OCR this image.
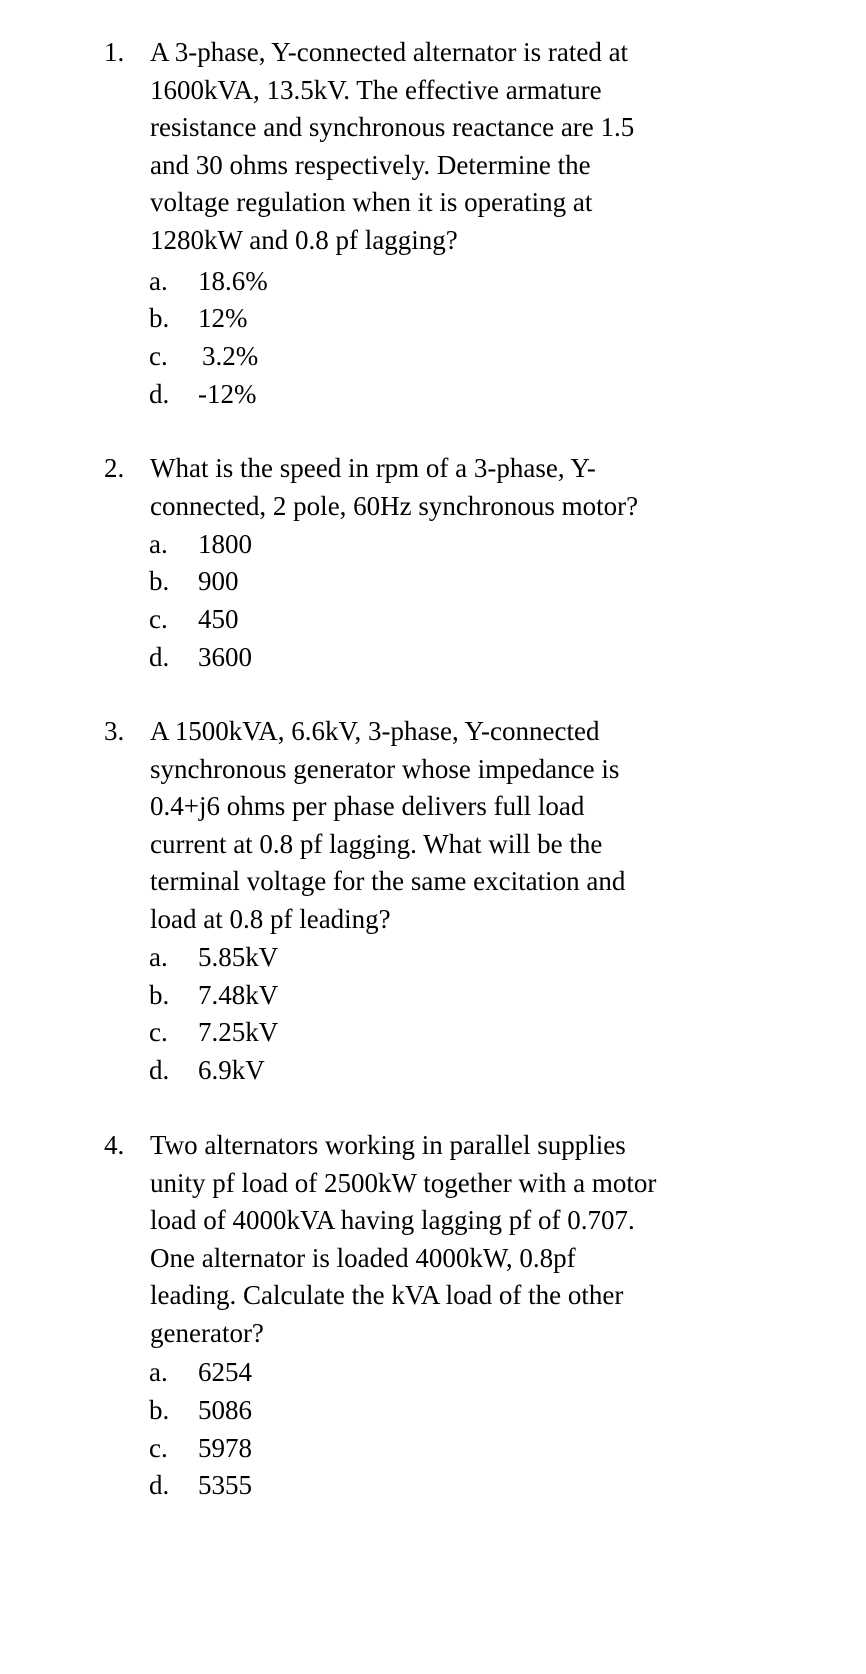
1. A 3-phase, Y-connected alternator is rated at
1600kVA, 13.5kV. The effective armature
resistance and synchronous reactance are 1.5
and 30 ohms respectively. Determine the
voltage regulation when it is operating at
1280kW and 0.8 pf lagging?
a. 18.6%
b. 12%
c. 3.2%
d. -12%
2. What is the speed in rpm of a 3-phase, Y-
connected, 2 pole, 60Hz synchronous motor?
a. 1800
b. 900
c. 450
d. 3600
3. A 1500kVA, 6.6kV, 3-phase, Y-connected
synchronous generator whose impedance is
0.4+j6 ohms per phase delivers full load
current at 0.8 pf lagging. What will be the
terminal voltage for the same excitation and
load at 0.8 pf leading?
a. 5.85kV
b. 7.48kV
c. 7.25kV
d. 6.9kV
4. Two alternators working in parallel supplies
unity pf load of 2500kW together with a motor
load of 4000kVA having lagging pf of 0.707.
One alternator is loaded 4000kW, 0.8pf
leading. Calculate the kVA load of the other
generator?
a. 6254
b. 5086
c. 5978
d. 5355
